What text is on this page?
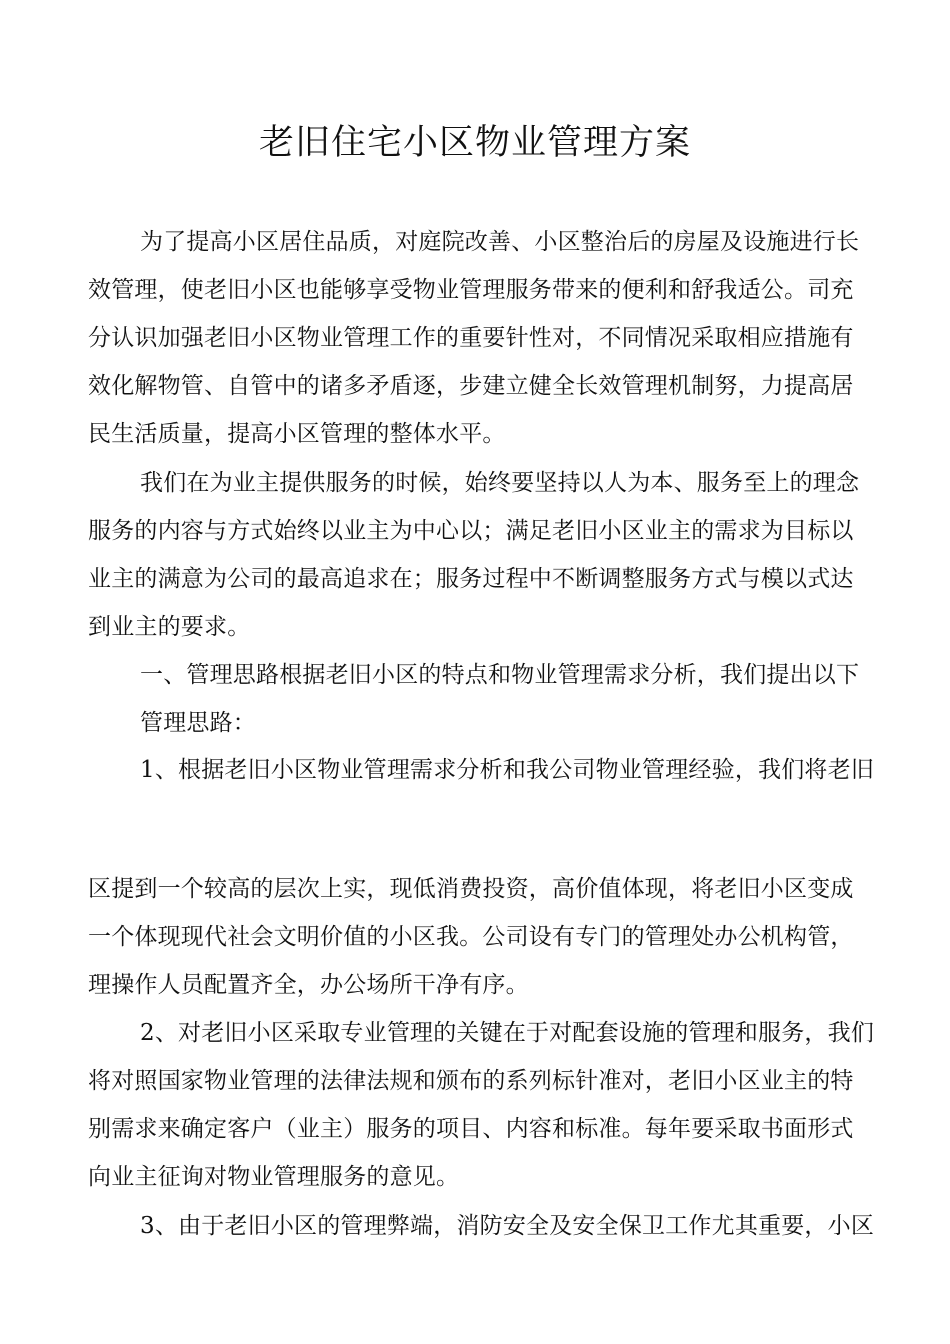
老旧住宅小区物业管理方案
为了提高小区居住品质，对庭院改善、小区整治后的房屋及设施进行长
效管理，使老旧小区也能够享受物业管理服务带来的便利和舒我适公。司充
分认识加强老旧小区物业管理工作的重要针性对，不同情况采取相应措施有
效化解物管、自管中的诸多矛盾逐，步建立健全长效管理机制努，力提高居
民生活质量，提高小区管理的整体水平。
我们在为业主提供服务的时候，始终要坚持以人为本、服务至上的理念
服务的内容与方式始终以业主为中心以；满足老旧小区业主的需求为目标以
业主的满意为公司的最高追求在；服务过程中不断调整服务方式与模以式达
到业主的要求。
一、管理思路根据老旧小区的特点和物业管理需求分析，我们提出以下
管理思路：
1、根据老旧小区物业管理需求分析和我公司物业管理经验，我们将老旧
区提到一个较高的层次上实，现低消费投资，高价值体现，将老旧小区变成
一个体现现代社会文明价值的小区我。公司设有专门的管理处办公机构管，
理操作人员配置齐全，办公场所干净有序。
2、对老旧小区采取专业管理的关键在于对配套设施的管理和服务，我们
将对照国家物业管理的法律法规和颁布的系列标针准对，老旧小区业主的特
别需求来确定客户（业主）服务的项目、内容和标准。每年要采取书面形式
向业主征询对物业管理服务的意见。
3、由于老旧小区的管理弊端，消防安全及安全保卫工作尤其重要，小区
